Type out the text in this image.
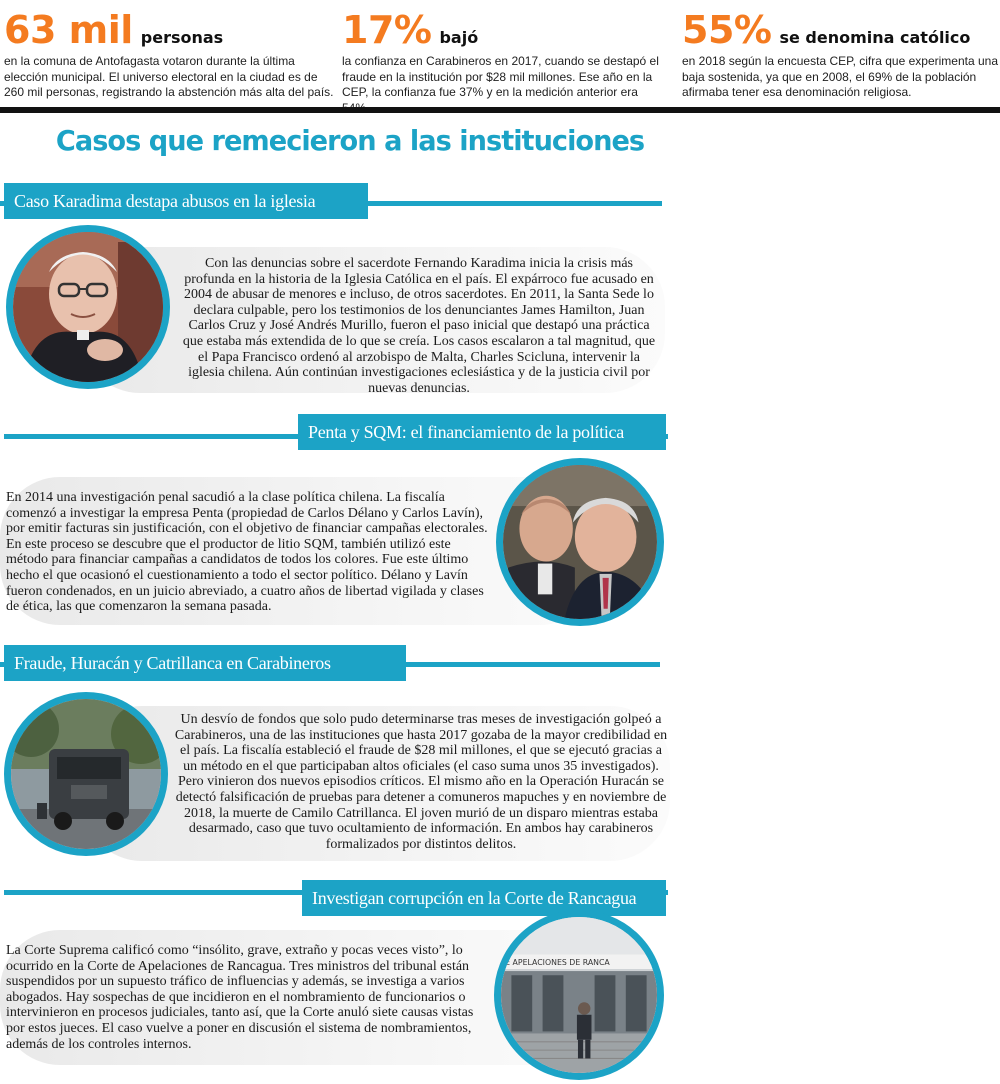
63 mil personas
en la comuna de Antofagasta votaron durante la última elección municipal. El universo electoral en la ciudad es de 260 mil personas, registrando la abstención más alta del país.
17% bajó
la confianza en Carabineros en 2017, cuando se destapó el fraude en la institución por $28 mil millones. Ese año en la CEP, la confianza fue 37% y en la medición anterior era
55% se denomina católico
en 2018 según la encuesta CEP, cifra que experimenta una baja sostenida, ya que en 2008, el 69% de la población afirmaba tener esa denominación religiosa.
Casos que remecieron a las instituciones
Caso Karadima destapa abusos en la iglesia
Con las denuncias sobre el sacerdote Fernando Karadima inicia la crisis más profunda en la historia de la Iglesia Católica en el país. El expárroco fue acusado en 2004 de abusar de menores e incluso, de otros sacerdotes. En 2011, la Santa Sede lo declara culpable, pero los testimonios de los denunciantes James Hamilton, Juan Carlos Cruz y José Andrés Murillo, fueron el paso inicial que destapó una práctica que estaba más extendida de lo que se creía. Los casos escalaron a tal magnitud, que el Papa Francisco ordenó al arzobispo de Malta, Charles Scicluna, intervenir la iglesia chilena. Aún continúan investigaciones eclesiástica y de la justicia civil por nuevas denuncias.
Penta y SQM: el financiamiento de la política
En 2014 una investigación penal sacudió a la clase política chilena. La fiscalía comenzó a investigar la empresa Penta (propiedad de Carlos Délano y Carlos Lavín), por emitir facturas sin justificación, con el objetivo de financiar campañas electorales. En este proceso se descubre que el productor de litio SQM, también utilizó este método para financiar campañas a candidatos de todos los colores. Fue este último hecho el que ocasionó el cuestionamiento a todo el sector político. Délano y Lavín fueron condenados, en un juicio abreviado, a cuatro años de libertad vigilada y clases de ética, las que comenzaron la semana pasada.
Fraude, Huracán y Catrillanca en Carabineros
Un desvío de fondos que solo pudo determinarse tras meses de investigación golpeó a Carabineros, una de las instituciones que hasta 2017 gozaba de la mayor credibilidad en el país. La fiscalía estableció el fraude de $28 mil millones, el que se ejecutó gracias a un método en el que participaban altos oficiales (el caso suma unos 35 investigados). Pero vinieron dos nuevos episodios críticos. El mismo año en la Operación Huracán se detectó falsificación de pruebas para detener a comuneros mapuches y en noviembre de 2018, la muerte de Camilo Catrillanca. El joven murió de un disparo mientras estaba desarmado, caso que tuvo ocultamiento de información. En ambos hay carabineros formalizados por distintos delitos.
Investigan corrupción en la Corte de Rancagua
La Corte Suprema calificó como “insólito, grave, extraño y pocas veces visto”, lo ocurrido en la Corte de Apelaciones de Rancagua. Tres ministros del tribunal están suspendidos por un supuesto tráfico de influencias y además, se investiga a varios abogados. Hay sospechas de que incidieron en el nombramiento de funcionarios o intervinieron en procesos judiciales, tanto así, que la Corte anuló siete causas vistas por estos jueces. El caso vuelve a poner en discusión el sistema de nombramientos, además de los controles internos.
E APELACIONES DE RANCA
